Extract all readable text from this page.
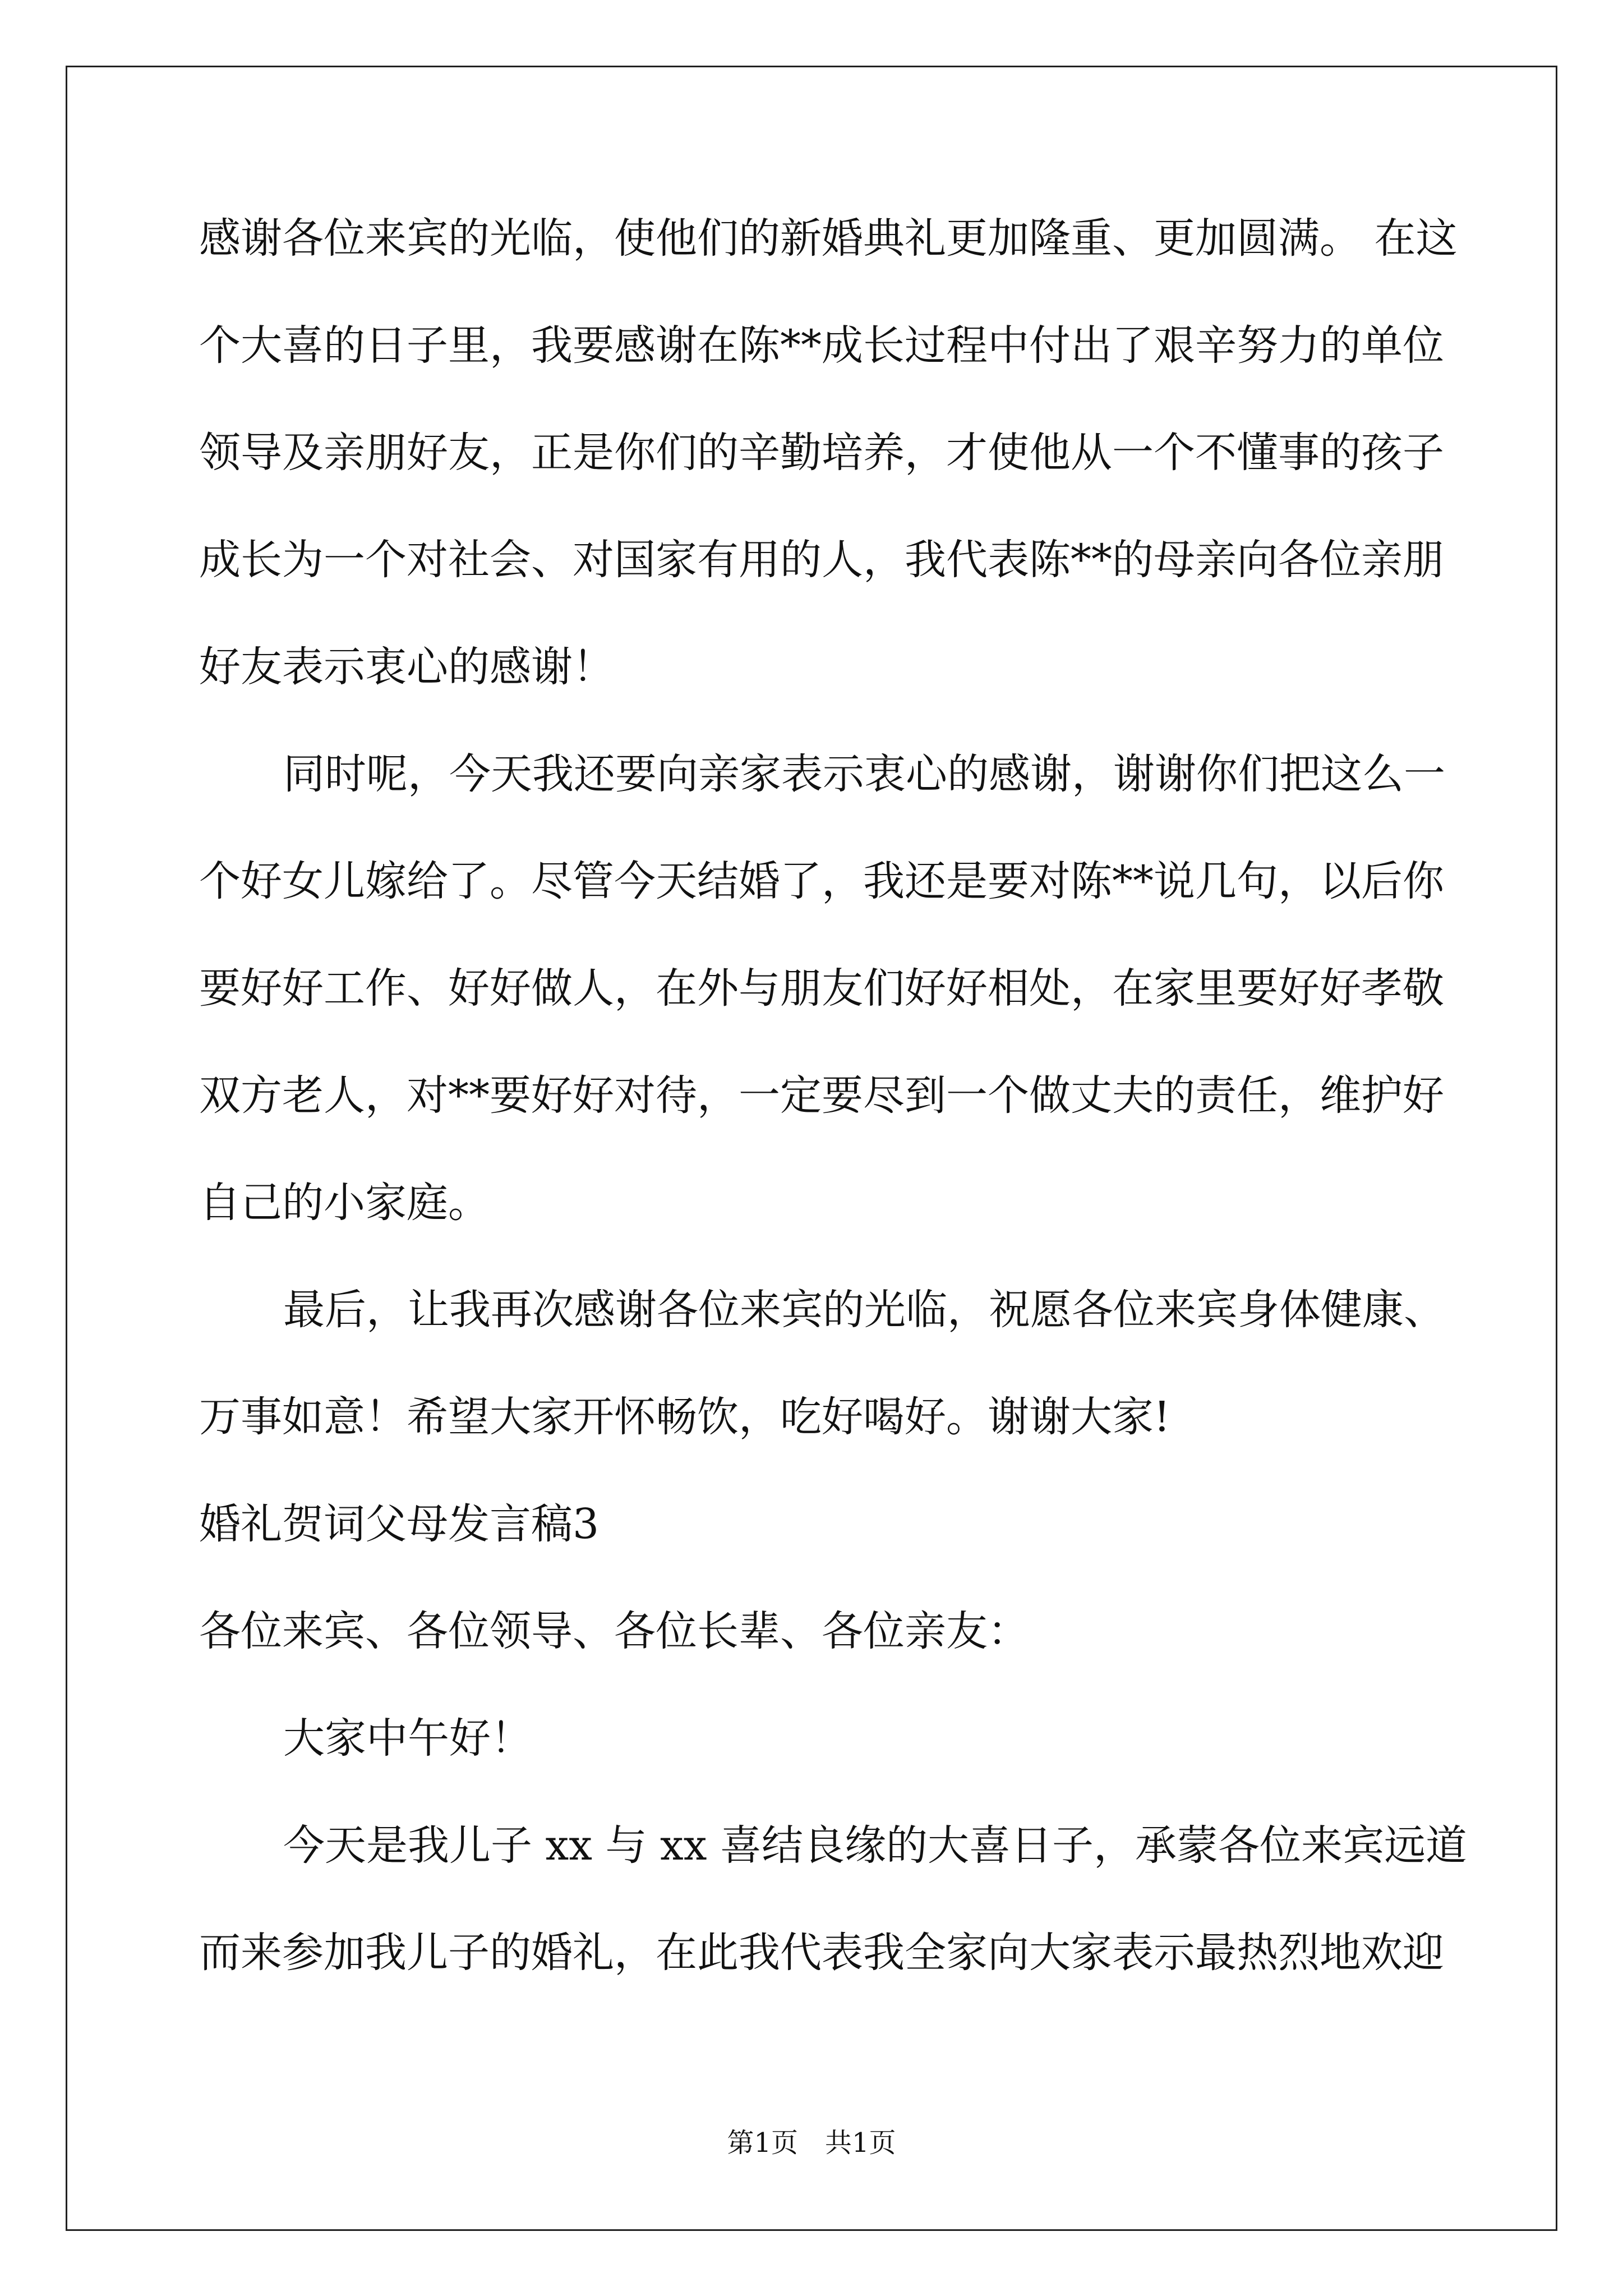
感谢各位来宾的光临，使他们的新婚典礼更加隆重、更加圆满。 在这
个大喜的日子里，我要感谢在陈**成长过程中付出了艰辛努力的单位
领导及亲朋好友，正是你们的辛勤培养，才使他从一个不懂事的孩子
成长为一个对社会、对国家有用的人，我代表陈**的母亲向各位亲朋
好友表示衷心的感谢！
同时呢，今天我还要向亲家表示衷心的感谢，谢谢你们把这么一
个好女儿嫁给了。尽管今天结婚了，我还是要对陈**说几句，以后你
要好好工作、好好做人，在外与朋友们好好相处，在家里要好好孝敬
双方老人，对**要好好对待，一定要尽到一个做丈夫的责任，维护好
自己的小家庭。
最后，让我再次感谢各位来宾的光临，祝愿各位来宾身体健康、
万事如意！希望大家开怀畅饮，吃好喝好。谢谢大家!
婚礼贺词父母发言稿3
各位来宾、各位领导、各位长辈、各位亲友：
大家中午好！
今天是我儿子 xx 与 xx 喜结良缘的大喜日子，承蒙各位来宾远道
而来参加我儿子的婚礼，在此我代表我全家向大家表示最热烈地欢迎
第1页　共1页
